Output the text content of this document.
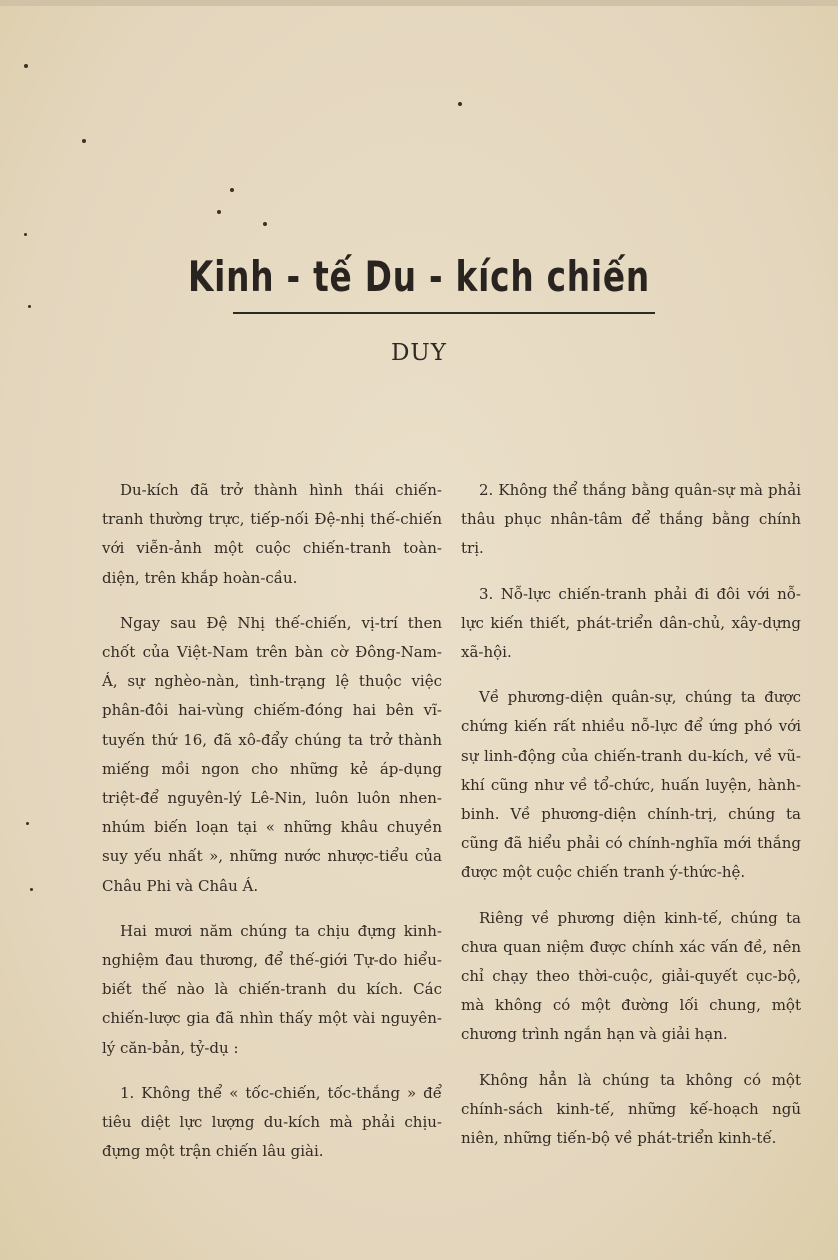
Kinh - tế Du - kích chiến
DUY

Du-kích đã trở thành hình thái chiến-tranh thường trực, tiếp-nối Đệ-nhị thế-chiến với viễn-ảnh một cuộc chiến-tranh toàn-diện, trên khắp hoàn-cầu.

Ngay sau Đệ Nhị thế-chiến, vị-trí then chốt của Việt-Nam trên bàn cờ Đông-Nam-Á, sự nghèo-nàn, tình-trạng lệ thuộc việc phân-đôi hai-vùng chiếm-đóng hai bên vĩ-tuyến thứ 16, đã xô-đẩy chúng ta trở thành miếng mồi ngon cho những kẻ áp-dụng triệt-để nguyên-lý Lê-Nin, luôn luôn nhen-nhúm biến loạn tại « những khâu chuyền suy yếu nhất », những nước nhược-tiểu của Châu Phi và Châu Á.

Hai mươi năm chúng ta chịu đựng kinh-nghiệm đau thương, để thế-giới Tự-do hiểu-biết thế nào là chiến-tranh du kích. Các chiến-lược gia đã nhìn thấy một vài nguyên-lý căn-bản, tỷ-dụ :

1. Không thể « tốc-chiến, tốc-thắng » để tiêu diệt lực lượng du-kích mà phải chịu-đựng một trận chiến lâu giài.

2. Không thể thắng bằng quân-sự mà phải thâu phục nhân-tâm để thắng bằng chính trị.

3. Nỗ-lực chiến-tranh phải đi đôi với nỗ-lực kiến thiết, phát-triển dân-chủ, xây-dựng xã-hội.

Về phương-diện quân-sự, chúng ta được chứng kiến rất nhiều nỗ-lực để ứng phó với sự linh-động của chiến-tranh du-kích, về vũ-khí cũng như về tổ-chức, huấn luyện, hành-binh. Về phương-diện chính-trị, chúng ta cũng đã hiểu phải có chính-nghĩa mới thắng được một cuộc chiến tranh ý-thức-hệ.

Riêng về phương diện kinh-tế, chúng ta chưa quan niệm được chính xác vấn đề, nên chỉ chạy theo thời-cuộc, giải-quyết cục-bộ, mà không có một đường lối chung, một chương trình ngắn hạn và giải hạn.

Không hẳn là chúng ta không có một chính-sách kinh-tế, những kế-hoạch ngũ niên, những tiến-bộ về phát-triển kinh-tế.
